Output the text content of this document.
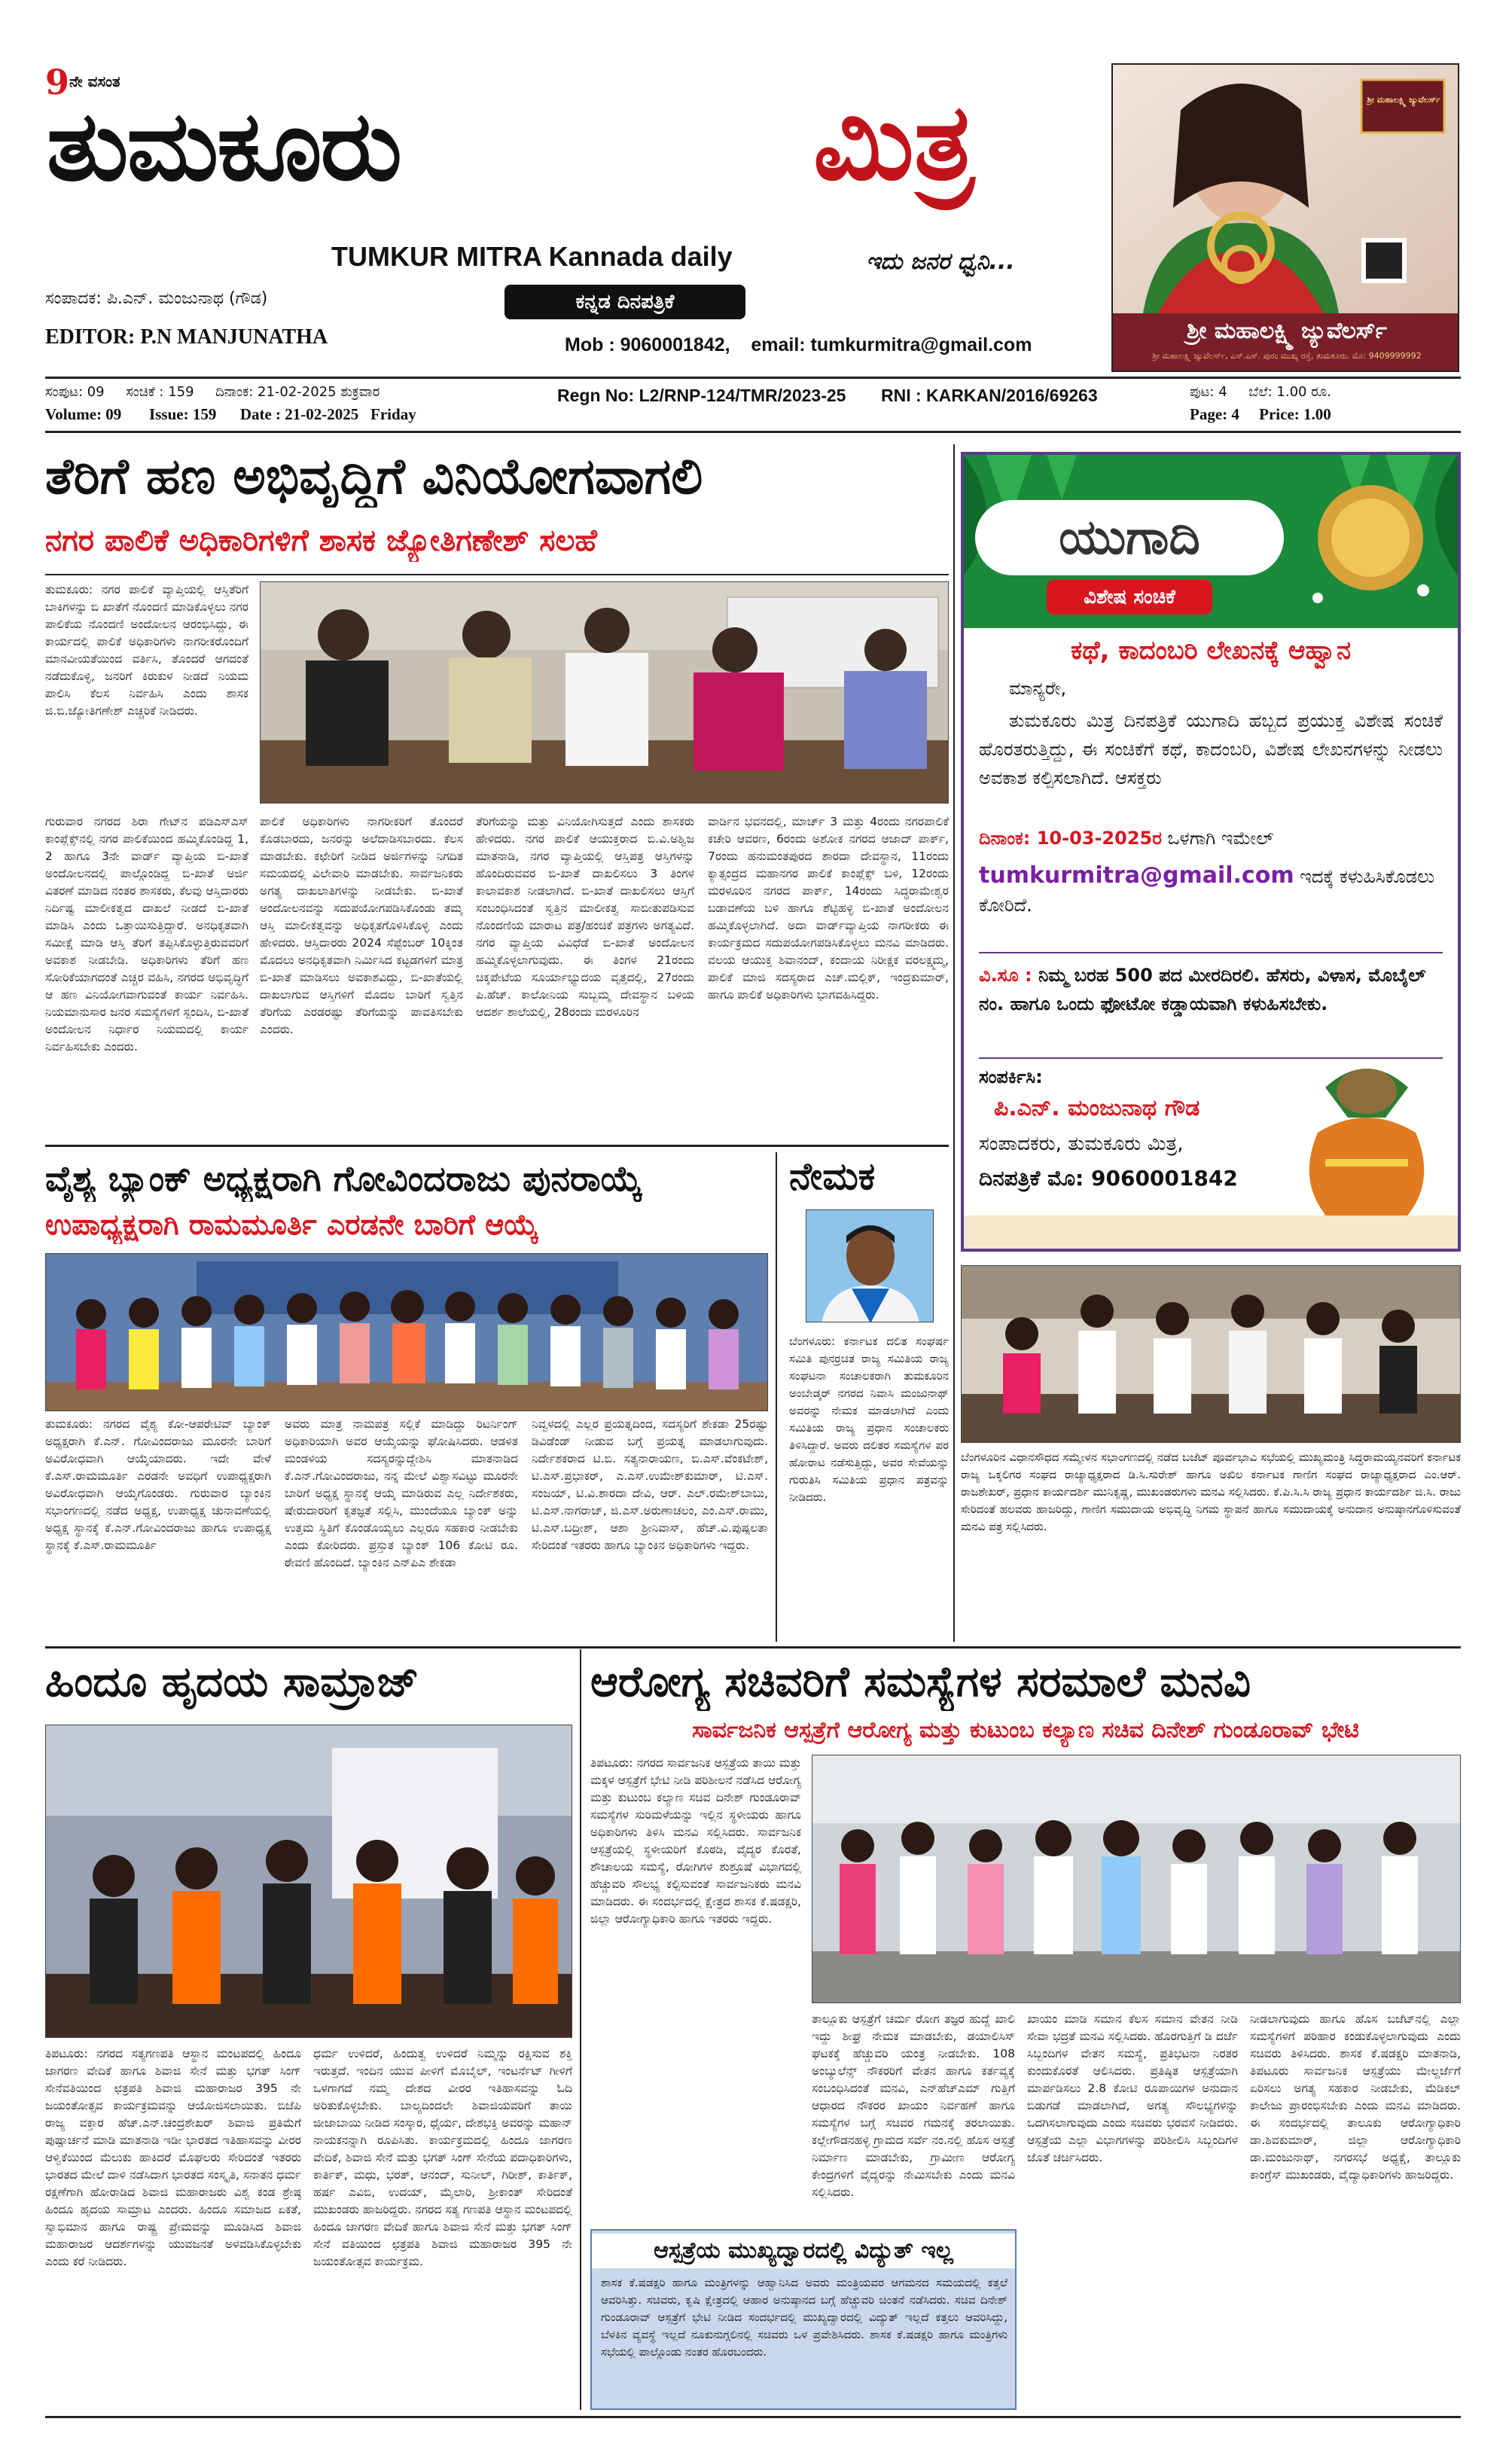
9 ನೇ ವಸಂತ
ತುಮಕೂರು	ಮಿತ್ರ
TUMKUR MITRA Kannada daily	ಇದು ಜನರ ಧ್ವನಿ...
ಸಂಪಾದಕ: ಪಿ.ಎನ್. ಮಂಜುನಾಥ (ಗೌಡ)
EDITOR: P.N MANJUNATHA
ಕನ್ನಡ ದಿನಪತ್ರಿಕೆ
Mob : 9060001842,    email: tumkurmitra@gmail.com
ಶ್ರೀ ಮಹಾಲಕ್ಷ್ಮಿ ಜ್ಯುವೆಲರ್ಸ್
ಶ್ರೀ ಮಹಾಲಕ್ಷ್ಮಿ ಜ್ಯುವೆಲರ್ಸ್
ಶ್ರೀ ಮಹಾಲಕ್ಷ್ಮಿ ಜ್ಯುವೆಲರ್ಸ್, ಎಸ್.ಎಸ್. ಪುರಂ ಮುಖ್ಯ ರಸ್ತೆ, ತುಮಕೂರು. ಮೊ: 9409999992
ಸಂಪುಟ: 09     ಸಂಚಿಕೆ : 159     ದಿನಾಂಕ: 21-02-2025 ಶುಕ್ರವಾರ
Volume: 09       Issue: 159      Date : 21-02-2025   Friday
Regn No: L2/RNP-124/TMR/2023-25 RNI : KARKAN/2016/69263	ಪುಟ: 4     ಬೆಲೆ: 1.00 ರೂ.
Page: 4     Price: 1.00
ತೆರಿಗೆ ಹಣ ಅಭಿವೃದ್ಧಿಗೆ ವಿನಿಯೋಗವಾಗಲಿ
ನಗರ ಪಾಲಿಕೆ ಅಧಿಕಾರಿಗಳಿಗೆ ಶಾಸಕ ಜ್ಯೋತಿಗಣೇಶ್ ಸಲಹೆ
ತುಮಕೂರು: ನಗರ ಪಾಲಿಕೆ ವ್ಯಾಪ್ತಿಯಲ್ಲಿ ಆಸ್ತಿತೆರಿಗೆ ಬಾಕಿಗಳನ್ನು ಬಿ ಖಾತೆಗೆ ನೊಂದಣಿ ಮಾಡಿಕೊಳ್ಳಲು ನಗರ ಪಾಲಿಕೆಯ ನೊಂದಣಿ ಅಂದೋಲನ ಆರಂಭಿಸಿದ್ದು, ಈ ಕಾರ್ಯದಲ್ಲಿ ಪಾಲಿಕೆ ಅಧಿಕಾರಿಗಳು ನಾಗರೀಕರೊಂದಿಗೆ ಮಾನವೀಯತೆಯಿಂದ ವರ್ತಿಸಿ, ತೊಂದರೆ ಆಗದಂತೆ ನಡೆದುಕೊಳ್ಳಿ, ಜನರಿಗೆ ಕಿರುಕುಳ ನೀಡದೆ ನಿಯಮ ಪಾಲಿಸಿ ಕೆಲಸ ನಿರ್ವಹಿಸಿ ಎಂದು ಶಾಸಕ ಜಿ.ಬಿ.ಜ್ಯೋತಿಗಣೇಶ್ ಎಚ್ಚರಿಕೆ ನೀಡಿದರು.
ಗುರುವಾರ ನಗರದ ಶಿರಾ ಗೇಟ್‌ನ ಪಡಿಎಸ್‌ಎಸ್ ಕಾಂಪ್ಲೆಕ್ಸ್‌ನಲ್ಲಿ ನಗರ ಪಾಲಿಕೆಯಿಂದ ಹಮ್ಮಿಕೊಂಡಿದ್ದ 1, 2 ಹಾಗೂ 3ನೇ ವಾರ್ಡ್ ವ್ಯಾಪ್ತಿಯ ಬಿ-ಖಾತೆ ಅಂದೋಲನದಲ್ಲಿ ಪಾಲ್ಗೊಂಡಿದ್ದ ಬಿ-ಖಾತೆ ಅರ್ಜಿ ವಿತರಣೆ ಮಾಡಿದ ನಂತರ ಶಾಸಕರು, ಕೆಲವು ಆಸ್ತಿದಾರರು ನಿರ್ದಿಷ್ಟ ಮಾಲೀಕತ್ವದ ದಾಖಲೆ ನೀಡದೆ ಬಿ-ಖಾತೆ ಮಾಡಿಸಿ ಎಂದು ಒತ್ತಾಯಿಸುತ್ತಿದ್ದಾರೆ. ಅನಧಿಕೃತವಾಗಿ ಸಮೀಕ್ಷೆ ಮಾಡಿ ಆಸ್ತಿ ತೆರಿಗೆ ತಪ್ಪಿಸಿಕೊಳ್ಳುತ್ತಿರುವವರಿಗೆ ಅವಕಾಶ ನೀಡಬೇಡಿ. ಅಧಿಕಾರಿಗಳು ತೆರಿಗೆ ಹಣ ಸೋರಿಕೆಯಾಗದಂತೆ ಎಚ್ಚರ ವಹಿಸಿ, ನಗರದ ಅಭಿವೃದ್ಧಿಗೆ ಆ ಹಣ ವಿನಿಯೋಗವಾಗುವಂತೆ ಕಾರ್ಯ ನಿರ್ವಹಿಸಿ. ನಿಯಮಾನುಸಾರ ಜನರ ಸಮಸ್ಯೆಗಳಿಗೆ ಸ್ಪಂದಿಸಿ, ಬಿ-ಖಾತೆ ಅಂದೋಲನ ನಿರ್ಧಾರ ನಿಯಮದಲ್ಲಿ ಕಾರ್ಯ ನಿರ್ವಹಿಸಬೇಕು ಎಂದರು.
ಪಾಲಿಕೆ ಅಧಿಕಾರಿಗಳು ನಾಗರೀಕರಿಗೆ ತೊಂದರೆ ಕೊಡಬಾರದು, ಜನರನ್ನು ಅಲೆದಾಡಿಸಬಾರದು. ಕೆಲಸ ಮಾಡಬೇಕು. ಕಛೇರಿಗೆ ನೀಡಿದ ಅರ್ಜಿಗಳನ್ನು ನಿಗದಿತ ಸಮಯದಲ್ಲಿ ವಿಲೇವಾರಿ ಮಾಡಬೇಕು. ಸಾರ್ವಜನಿಕರು ಅಗತ್ಯ ದಾಖಲಾತಿಗಳನ್ನು ನೀಡಬೇಕು. ಬಿ-ಖಾತೆ ಅಂದೋಲನವನ್ನು ಸದುಪಯೋಗಪಡಿಸಿಕೊಂಡು ತಮ್ಮ ಆಸ್ತಿ ಮಾಲೀಕತ್ವವನ್ನು ಅಧಿಕೃತಗೊಳಿಸಿಕೊಳ್ಳಿ ಎಂದು ಹೇಳಿದರು. ಆಸ್ತಿದಾರರು 2024 ಸೆಪ್ಟೆಂಬರ್ 10ಕ್ಕಿಂತ ಮೊದಲು ಅನಧಿಕೃತವಾಗಿ ನಿರ್ಮಿಸಿದ ಕಟ್ಟಡಗಳಿಗೆ ಮಾತ್ರ ಬಿ-ಖಾತೆ ಮಾಡಿಸಲು ಅವಕಾಶವಿದ್ದು, ಬಿ-ಖಾತೆಯಲ್ಲಿ ದಾಖಲಾಗುವ ಆಸ್ತಿಗಳಿಗೆ ಮೊದಲ ಬಾರಿಗೆ ಸ್ವತ್ತಿನ ತೆರಿಗೆಯ ಎರಡರಷ್ಟು ತೆರಿಗೆಯನ್ನು ಪಾವತಿಸಬೇಕು ಎಂದರು.
ತೆರಿಗೆಯನ್ನು ಮತ್ತು ವಿನಿಯೋಗಿಸುತ್ತದೆ ಎಂದು ಶಾಸಕರು ಹೇಳಿದರು. ನಗರ ಪಾಲಿಕೆ ಆಯುಕ್ತರಾದ ಬಿ.ವಿ.ಅಶ್ವಿಜ ಮಾತನಾಡಿ, ನಗರ ವ್ಯಾಪ್ತಿಯಲ್ಲಿ ಆಸ್ತಿಪತ್ರ ಆಸ್ತಿಗಳನ್ನು ಹೊಂದಿರುವವರ ಬಿ-ಖಾತೆ ದಾಖಲಿಸಲು 3 ತಿಂಗಳ ಕಾಲಾವಕಾಶ ನೀಡಲಾಗಿದೆ. ಬಿ-ಖಾತೆ ದಾಖಲಿಸಲು ಆಸ್ತಿಗೆ ಸಂಬಂಧಿಸಿದಂತೆ ಸ್ವತ್ತಿನ ಮಾಲೀಕತ್ವ ಸಾಬೀತುಪಡಿಸುವ ನೊಂದಣಿಯ ಮಾರಾಟ ಪತ್ರ/ಹಂಚಿಕೆ ಪತ್ರಗಳು ಅಗತ್ಯವಿದೆ. ನಗರ ವ್ಯಾಪ್ತಿಯ ವಿವಿಧೆಡೆ ಬಿ-ಖಾತೆ ಅಂದೋಲನ ಹಮ್ಮಿಕೊಳ್ಳಲಾಗುವುದು. ಈ ತಿಂಗಳ 21ರಂದು ಚಿಕ್ಕಪೇಟೆಯ ಸೂರ್ಯಾಭ್ಯುದಯ ವೃತ್ತದಲ್ಲಿ, 27ರಂದು ಪಿ.ಹೆಚ್. ಕಾಲೋನಿಯ ಸುಬ್ಬಮ್ಮ ದೇವಸ್ಥಾನ ಬಳಿಯ ಆದರ್ಶ ಶಾಲೆಯಲ್ಲಿ, 28ರಂದು ಮರಳೂರಿನ
ವಾರ್ಡಿನ ಭವನದಲ್ಲಿ, ಮಾರ್ಚ್ 3 ಮತ್ತು 4ರಂದು ನಗರಪಾಲಿಕೆ ಕಚೇರಿ ಆವರಣ, 6ರಂದು ಅಶೋಕ ನಗರದ ಆಜಾದ್ ಪಾರ್ಕ್, 7ರಂದು ಹನುಮಂತಪುರದ ಶಾರದಾ ದೇವಸ್ಥಾನ, 11ರಂದು ಕ್ಯಾತ್ಸಂದ್ರದ ಮಹಾನಗರ ಪಾಲಿಕೆ ಕಾಂಪ್ಲೆಕ್ಸ್ ಬಳಿ, 12ರಂದು ಮರಳೂರಿನ ನಗರದ ಪಾರ್ಕ್, 14ರಂದು ಸಿದ್ಧರಾಮೇಶ್ವರ ಬಡಾವಣೆಯ ಬಳಿ ಹಾಗೂ ಶೆಟ್ಟಿಹಳ್ಳಿ ಬಿ-ಖಾತೆ ಅಂದೋಲನ ಹಮ್ಮಿಕೊಳ್ಳಲಾಗಿದೆ. ಅದಾ ವಾರ್ಡ್‌ವ್ಯಾಪ್ತಿಯ ನಾಗರೀಕರು ಈ ಕಾರ್ಯಕ್ರಮದ ಸದುಪಯೋಗಪಡಿಸಿಕೊಳ್ಳಲು ಮನವಿ ಮಾಡಿದರು. ವಲಯ ಆಯುಕ್ತ ಶಿವಾನಂದ್, ಕಂದಾಯ ನಿರೀಕ್ಷಕ ವರಲಕ್ಷ್ಮಮ್ಮ, ಪಾಲಿಕೆ ಮಾಜಿ ಸದಸ್ಯರಾದ ಎಚ್.ಮಲ್ಲಿಕ್, ಇಂದ್ರಕುಮಾರ್, ಹಾಗೂ ಪಾಲಿಕೆ ಅಧಿಕಾರಿಗಳು ಭಾಗವಹಿಸಿದ್ದರು.
ಯುಗಾದಿ
ವಿಶೇಷ ಸಂಚಿಕೆ
ಕಥೆ, ಕಾದಂಬರಿ ಲೇಖನಕ್ಕೆ ಆಹ್ವಾನ
ಮಾನ್ಯರೇ,
ತುಮಕೂರು ಮಿತ್ರ ದಿನಪತ್ರಿಕೆ ಯುಗಾದಿ ಹಬ್ಬದ ಪ್ರಯುಕ್ತ ವಿಶೇಷ ಸಂಚಿಕೆ ಹೊರತರುತ್ತಿದ್ದು, ಈ ಸಂಚಿಕೆಗೆ ಕಥೆ, ಕಾದಂಬರಿ, ವಿಶೇಷ ಲೇಖನಗಳನ್ನು ನೀಡಲು ಅವಕಾಶ ಕಲ್ಪಿಸಲಾಗಿದೆ. ಆಸಕ್ತರು
ದಿನಾಂಕ: 10-03-2025ರ ಒಳಗಾಗಿ ಇಮೇಲ್
tumkurmitra@gmail.com ಇದಕ್ಕೆ ಕಳುಹಿಸಿಕೊಡಲು ಕೋರಿದೆ.
ವಿ.ಸೂ : ನಿಮ್ಮ ಬರಹ 500 ಪದ ಮೀರದಿರಲಿ. ಹೆಸರು, ವಿಳಾಸ, ಮೊಬೈಲ್ ನಂ. ಹಾಗೂ ಒಂದು ಫೋಟೋ ಕಡ್ಡಾಯವಾಗಿ ಕಳುಹಿಸಬೇಕು.
ಸಂಪರ್ಕಿಸಿ:
ಪಿ.ಎನ್. ಮಂಜುನಾಥ ಗೌಡ
ಸಂಪಾದಕರು, ತುಮಕೂರು ಮಿತ್ರ,
ದಿನಪತ್ರಿಕೆ ಮೊ: 9060001842
ವೈಶ್ಯ ಬ್ಯಾಂಕ್ ಅಧ್ಯಕ್ಷರಾಗಿ ಗೋವಿಂದರಾಜು ಪುನರಾಯ್ಕೆ
ಉಪಾಧ್ಯಕ್ಷರಾಗಿ ರಾಮಮೂರ್ತಿ ಎರಡನೇ ಬಾರಿಗೆ ಆಯ್ಕೆ
ತುಮಕೂರು: ನಗರದ ವೈಶ್ಯ ಕೋ-ಆಪರೇಟಿವ್ ಬ್ಯಾಂಕ್ ಅಧ್ಯಕ್ಷರಾಗಿ ಕೆ.ಎನ್. ಗೋವಿಂದರಾಜು ಮೂರನೇ ಬಾರಿಗೆ ಅವಿರೋಧವಾಗಿ ಆಯ್ಕೆಯಾದರು. ಇದೇ ವೇಳೆ ಕೆ.ಎಸ್.ರಾಮಮೂರ್ತಿ ಎರಡನೇ ಅವಧಿಗೆ ಉಪಾಧ್ಯಕ್ಷರಾಗಿ ಅವಿರೋಧವಾಗಿ ಆಯ್ಕೆಗೊಂಡರು. ಗುರುವಾರ ಬ್ಯಾಂಕಿನ ಸಭಾಂಗಣದಲ್ಲಿ ನಡೆದ ಅಧ್ಯಕ್ಷ, ಉಪಾಧ್ಯಕ್ಷ ಚುನಾವಣೆಯಲ್ಲಿ ಅಧ್ಯಕ್ಷ ಸ್ಥಾನಕ್ಕೆ ಕೆ.ಎನ್.ಗೋವಿಂದರಾಜು ಹಾಗೂ ಉಪಾಧ್ಯಕ್ಷ ಸ್ಥಾನಕ್ಕೆ ಕೆ.ಎಸ್.ರಾಮಮೂರ್ತಿ
ಅವರು ಮಾತ್ರ ನಾಮಪತ್ರ ಸಲ್ಲಿಕೆ ಮಾಡಿದ್ದು ರಿಟರ್ನಿಂಗ್ ಅಧಿಕಾರಿಯಾಗಿ ಅವರ ಆಯ್ಕೆಯನ್ನು ಘೋಷಿಸಿದರು. ಆಡಳಿತ ಮಂಡಳಿಯ ಸದಸ್ಯರನ್ನುದ್ದೇಶಿಸಿ ಮಾತನಾಡಿದ ಕೆ.ಎನ್.ಗೋವಿಂದರಾಜು, ನನ್ನ ಮೇಲೆ ವಿಶ್ವಾಸವಿಟ್ಟು ಮೂರನೇ ಬಾರಿಗೆ ಅಧ್ಯಕ್ಷ ಸ್ಥಾನಕ್ಕೆ ಆಯ್ಕೆ ಮಾಡಿರುವ ಎಲ್ಲ ನಿರ್ದೇಶಕರು, ಷೇರುದಾರರಿಗೆ ಕೃತಜ್ಞತೆ ಸಲ್ಲಿಸಿ, ಮುಂದೆಯೂ ಬ್ಯಾಂಕ್ ಅನ್ನು ಉತ್ತಮ ಸ್ಥಿತಿಗೆ ಕೊಂಡೊಯ್ಯಲು ಎಲ್ಲರೂ ಸಹಕಾರ ನೀಡಬೇಕು ಎಂದು ಕೋರಿದರು. ಪ್ರಸ್ತುತ ಬ್ಯಾಂಕ್ 106 ಕೋಟಿ ರೂ. ಠೇವಣಿ ಹೊಂದಿದೆ. ಬ್ಯಾಂಕಿನ ಎನ್‌ಪಿಎ ಶೇಕಡಾ
ನಿವ್ವಳದಲ್ಲಿ ಎಲ್ಲರ ಪ್ರಯತ್ನದಿಂದ, ಸದಸ್ಯರಿಗೆ ಶೇಕಡಾ 25ರಷ್ಟು ಡಿವಿಡೆಂಡ್ ನೀಡುವ ಬಗ್ಗೆ ಪ್ರಯತ್ನ ಮಾಡಲಾಗುವುದು. ನಿರ್ದೇಶಕರಾದ ಟಿ.ಬಿ. ಸತ್ಯನಾರಾಯಣ, ಬಿ.ಎಸ್.ವೆಂಕಟೇಶ್, ಟಿ.ಎಸ್.ಪ್ರಭಾಕರ್, ಎ.ಎಸ್.ಉಮೇಶ್‌ಕುಮಾರ್, ಟಿ.ಎಸ್. ಸಂಜಯ್, ಟಿ.ವಿ.ಶಾರದಾ ದೇವಿ, ಆರ್. ಎಲ್.ರಮೇಶ್‌ಬಾಬು, ಟಿ.ಎಸ್.ನಾಗರಾಜ್, ಜಿ.ಎಸ್.ಅರುಣಾಚಲಂ, ಎಂ.ಎಸ್.ರಾಮು, ಟಿ.ಎಸ್.ಬದ್ರೀಶ್, ಆಶಾ ಶ್ರೀನಿವಾಸ್, ಹೆಚ್.ವಿ.ಪುಷ್ಪಲತಾ ಸೇರಿದಂತೆ ಇತರರು ಹಾಗೂ ಬ್ಯಾಂಕಿನ ಅಧಿಕಾರಿಗಳು ಇದ್ದರು.
ನೇಮಕ
ಬೆಂಗಳೂರು: ಕರ್ನಾಟಕ ದಲಿತ ಸಂಘರ್ಷ ಸಮಿತಿ ಪುನರ್ರಚಿತ ರಾಜ್ಯ ಸಮಿತಿಯ ರಾಜ್ಯ ಸಂಘಟನಾ ಸಂಚಾಲಕರಾಗಿ ತುಮಕೂರಿನ ಅಂಬೇಡ್ಕರ್ ನಗರದ ನಿವಾಸಿ ಮಂಜುನಾಥ್ ಅವರನ್ನು ನೇಮಕ ಮಾಡಲಾಗಿದೆ ಎಂದು ಸಮಿತಿಯ ರಾಜ್ಯ ಪ್ರಧಾನ ಸಂಚಾಲಕರು ತಿಳಿಸಿದ್ದಾರೆ. ಅವರು ದಲಿತರ ಸಮಸ್ಯೆಗಳ ಪರ ಹೋರಾಟ ನಡೆಸುತ್ತಿದ್ದು, ಅವರ ಸೇವೆಯನ್ನು ಗುರುತಿಸಿ ಸಮಿತಿಯ ಪ್ರಧಾನ ಪತ್ರವನ್ನು ನೀಡಿದರು.
ಬೆಂಗಳೂರಿನ ವಿಧಾನಸೌಧದ ಸಮ್ಮೇಳನ ಸಭಾಂಗಣದಲ್ಲಿ ನಡೆದ ಬಜೆಟ್ ಪೂರ್ವಭಾವಿ ಸಭೆಯಲ್ಲಿ ಮುಖ್ಯಮಂತ್ರಿ ಸಿದ್ಧರಾಮಯ್ಯನವರಿಗೆ ಕರ್ನಾಟಕ ರಾಜ್ಯ ಒಕ್ಕಲಿಗರ ಸಂಘದ ರಾಜ್ಯಾಧ್ಯಕ್ಷರಾದ ಡಿ.ಸಿ.ಸುರೇಶ್ ಹಾಗೂ ಅಖಿಲ ಕರ್ನಾಟಕ ಗಾಣಿಗ ಸಂಘದ ರಾಜ್ಯಾಧ್ಯಕ್ಷರಾದ ಎಂ.ಆರ್. ರಾಜಶೇಖರ್, ಪ್ರಧಾನ ಕಾರ್ಯದರ್ಶಿ ಮುನಿಕೃಷ್ಣ, ಮುಖಂಡರುಗಳು ಮನವಿ ಸಲ್ಲಿಸಿದರು. ಕೆ.ಪಿ.ಸಿ.ಸಿ ರಾಜ್ಯ ಪ್ರಧಾನ ಕಾರ್ಯದರ್ಶಿ ಜಿ.ಸಿ. ರಾಜು ಸೇರಿದಂತೆ ಹಲವರು ಹಾಜರಿದ್ದು, ಗಾಣಿಗ ಸಮುದಾಯ ಅಭಿವೃದ್ಧಿ ನಿಗಮ ಸ್ಥಾಪನೆ ಹಾಗೂ ಸಮುದಾಯಕ್ಕೆ ಅನುದಾನ ಅನುಷ್ಠಾನಗೊಳಿಸುವಂತೆ ಮನವಿ ಪತ್ರ ಸಲ್ಲಿಸಿದರು.
ಹಿಂದೂ ಹೃದಯ ಸಾಮ್ರಾಜ್
ತಿಪಟೂರು: ನಗರದ ಸತ್ಯಗಣಪತಿ ಆಸ್ಥಾನ ಮಂಟಪದಲ್ಲಿ ಹಿಂದೂ ಜಾಗರಣ ವೇದಿಕೆ ಹಾಗೂ ಶಿವಾಜಿ ಸೇನೆ ಮತ್ತು ಭಗತ್ ಸಿಂಗ್ ಸೇನೆವತಿಯಿಂದ ಛತ್ರಪತಿ ಶಿವಾಜಿ ಮಹಾರಾಜರ 395 ನೇ ಜಯಂತೋತ್ಸವ ಕಾರ್ಯಕ್ರಮವನ್ನು ಆಯೋಜಿಸಲಾಯಿತು. ಬಿಜೆಪಿ ರಾಜ್ಯ ವಕ್ತಾರ ಹೆಚ್.ಎನ್.ಚಂದ್ರಶೇಖರ್ ಶಿವಾಜಿ ಪ್ರತಿಮೆಗೆ ಪುಷ್ಪಾರ್ಚನೆ ಮಾಡಿ ಮಾತನಾಡಿ ಇಡೀ ಭಾರತದ ಇತಿಹಾಸವನ್ನು ವೀರರ ಆಳ್ವಿಕೆಯಿಂದ ಮೆಲುಕು ಹಾಕಿದರೆ ಮೊಘಲರು ಸೇರಿದಂತೆ ಇತರರು ಭಾರತದ ಮೇಲೆ ದಾಳಿ ನಡೆಸಿದಾಗ ಭಾರತದ ಸಂಸ್ಕೃತಿ, ಸನಾತನ ಧರ್ಮ ರಕ್ಷಣೆಗಾಗಿ ಹೋರಾಡಿದ ಶಿವಾಜಿ ಮಹಾರಾಜರು ವಿಶ್ವ ಕಂಡ ಶ್ರೇಷ್ಠ ಹಿಂದೂ ಹೃದಯ ಸಾಮ್ರಾಟ ಎಂದರು. ಹಿಂದೂ ಸಮಾಜದ ಏಕತೆ, ಸ್ವಾಭಿಮಾನ ಹಾಗೂ ರಾಷ್ಟ್ರ ಪ್ರೇಮವನ್ನು ಮೂಡಿಸಿದ ಶಿವಾಜಿ ಮಹಾರಾಜರ ಆದರ್ಶಗಳನ್ನು ಯುವಜನತೆ ಅಳವಡಿಸಿಕೊಳ್ಳಬೇಕು ಎಂದು ಕರೆ ನೀಡಿದರು.
ಧರ್ಮ ಉಳಿದರೆ, ಹಿಂದುತ್ವ ಉಳಿದರೆ ನಿಮ್ಮನ್ನು ರಕ್ಷಿಸುವ ಶಕ್ತಿ ಇರುತ್ತದೆ. ಇಂದಿನ ಯುವ ಪೀಳಿಗೆ ಮೊಬೈಲ್, ಇಂಟರ್ನೆಟ್ ಗೀಳಿಗೆ ಒಳಗಾಗದೆ ನಮ್ಮ ದೇಶದ ವೀರರ ಇತಿಹಾಸವನ್ನು ಓದಿ ಅರಿತುಕೊಳ್ಳಬೇಕು. ಬಾಲ್ಯದಿಂದಲೇ ಶಿವಾಜಿಯವರಿಗೆ ತಾಯಿ ಜೀಜಾಬಾಯಿ ನೀಡಿದ ಸಂಸ್ಕಾರ, ಧೈರ್ಯ, ದೇಶಭಕ್ತಿ ಅವರನ್ನು ಮಹಾನ್ ನಾಯಕನನ್ನಾಗಿ ರೂಪಿಸಿತು. ಕಾರ್ಯಕ್ರಮದಲ್ಲಿ ಹಿಂದೂ ಜಾಗರಣ ವೇದಿಕೆ, ಶಿವಾಜಿ ಸೇನೆ ಮತ್ತು ಭಗತ್ ಸಿಂಗ್ ಸೇನೆಯ ಪದಾಧಿಕಾರಿಗಳು, ಕಾರ್ತಿಕ್, ಮಧು, ಭರತ್, ಆನಂದ್, ಸುನೀಲ್, ಗಿರೀಶ್, ಕಾರ್ತಿಕ್, ಹರ್ಷ ಎವಿಬಿ, ಉದಯ್, ಮೈಲಾರಿ, ಶ್ರೀಕಾಂತ್ ಸೇರಿದಂತೆ ಮುಖಂಡರು ಹಾಜರಿದ್ದರು. ನಗರದ ಸತ್ಯ ಗಣಪತಿ ಆಸ್ಥಾನ ಮಂಟಪದಲ್ಲಿ ಹಿಂದೂ ಜಾಗರಣ ವೇದಿಕೆ ಹಾಗೂ ಶಿವಾಜಿ ಸೇನೆ ಮತ್ತು ಭಗತ್ ಸಿಂಗ್ ಸೇನೆ ವತಿಯಿಂದ ಛತ್ರಪತಿ ಶಿವಾಜಿ ಮಹಾರಾಜರ 395 ನೇ ಜಯಂತೋತ್ಸವ ಕಾರ್ಯಕ್ರಮ.
ಆರೋಗ್ಯ ಸಚಿವರಿಗೆ ಸಮಸ್ಯೆಗಳ ಸರಮಾಲೆ ಮನವಿ
ಸಾರ್ವಜನಿಕ ಆಸ್ಪತ್ರೆಗೆ ಆರೋಗ್ಯ ಮತ್ತು ಕುಟುಂಬ ಕಲ್ಯಾಣ ಸಚಿವ ದಿನೇಶ್ ಗುಂಡೂರಾವ್ ಭೇಟಿ
ತಿಪಟೂರು: ನಗರದ ಸಾರ್ವಜನಿಕ ಆಸ್ಪತ್ರೆಯ ತಾಯಿ ಮತ್ತು ಮಕ್ಕಳ ಆಸ್ಪತ್ರೆಗೆ ಭೇಟಿ ನೀಡಿ ಪರಿಶೀಲನೆ ನಡೆಸಿದ ಆರೋಗ್ಯ ಮತ್ತು ಕುಟುಂಬ ಕಲ್ಯಾಣ ಸಚಿವ ದಿನೇಶ್ ಗುಂಡೂರಾವ್ ಸಮಸ್ಯೆಗಳ ಸುರಿಮಳೆಯನ್ನು ಇಲ್ಲಿನ ಸ್ಥಳೀಯರು ಹಾಗೂ ಅಧಿಕಾರಿಗಳು ತಿಳಿಸಿ ಮನವಿ ಸಲ್ಲಿಸಿದರು. ಸಾರ್ವಜನಿಕ ಆಸ್ಪತ್ರೆಯಲ್ಲಿ ಸ್ಥಳೀಯರಿಗೆ ಕೊಠಡಿ, ವೈದ್ಯರ ಕೊರತೆ, ಶೌಚಾಲಯ ಸಮಸ್ಯೆ, ರೋಗಿಗಳ ಶುಶ್ರೂಷೆ ವಿಭಾಗದಲ್ಲಿ ಹೆಚ್ಚುವರಿ ಸೌಲಭ್ಯ ಕಲ್ಪಿಸುವಂತೆ ಸಾರ್ವಜನಿಕರು ಮನವಿ ಮಾಡಿದರು. ಈ ಸಂದರ್ಭದಲ್ಲಿ ಕ್ಷೇತ್ರದ ಶಾಸಕ ಕೆ.ಷಡಕ್ಷರಿ, ಜಿಲ್ಲಾ ಆರೋಗ್ಯಾಧಿಕಾರಿ ಹಾಗೂ ಇತರರು ಇದ್ದರು.
ತಾಲ್ಲೂಕು ಆಸ್ಪತ್ರೆಗೆ ಚರ್ಮ ರೋಗ ತಜ್ಞರ ಹುದ್ದೆ ಖಾಲಿ ಇದ್ದು ಶೀಘ್ರ ನೇಮಕ ಮಾಡಬೇಕು, ಡಯಾಲಿಸಿಸ್ ಘಟಕಕ್ಕೆ ಹೆಚ್ಚುವರಿ ಯಂತ್ರ ನೀಡಬೇಕು. 108 ಅಂಬ್ಯುಲೆನ್ಸ್ ನೌಕರರಿಗೆ ವೇತನ ಹಾಗೂ ಕರ್ತವ್ಯಕ್ಕೆ ಸಂಬಂಧಿಸಿದಂತೆ ಮನವಿ, ಎನ್‌ಹೆಚ್‌ಎಮ್ ಗುತ್ತಿಗೆ ಆಧಾರದ ನೌಕರರ ಖಾಯಂ ನಿರ್ವಹಣೆ ಹಾಗೂ ಸಮಸ್ಯೆಗಳ ಬಗ್ಗೆ ಸಚಿವರ ಗಮನಕ್ಕೆ ತರಲಾಯಿತು. ಕಲ್ಲೇಗೌಡನಹಳ್ಳಿ ಗ್ರಾಮದ ಸರ್ವೆ ನಂ.ನಲ್ಲಿ ಹೊಸ ಆಸ್ಪತ್ರೆ ನಿರ್ಮಾಣ ಮಾಡಬೇಕು, ಗ್ರಾಮೀಣ ಆರೋಗ್ಯ ಕೇಂದ್ರಗಳಿಗೆ ವೈದ್ಯರನ್ನು ನೇಮಿಸಬೇಕು ಎಂದು ಮನವಿ ಸಲ್ಲಿಸಿದರು.
ಖಾಯಂ ಮಾಡಿ ಸಮಾನ ಕೆಲಸ ಸಮಾನ ವೇತನ ನೀಡಿ ಸೇವಾ ಭದ್ರತೆ ಮನವಿ ಸಲ್ಲಿಸಿದರು. ಹೊರಗುತ್ತಿಗೆ ಡಿ ದರ್ಜೆ ಸಿಬ್ಬಂದಿಗಳ ವೇತನ ಸಮಸ್ಯೆ, ಪ್ರತಿಭಟನಾ ನಿರತರ ಕುಂದುಕೊರತೆ ಆಲಿಸಿದರು. ಪ್ರತಿಷ್ಠಿತ ಆಸ್ಪತ್ರೆಯಾಗಿ ಮಾರ್ಪಡಿಸಲು 2.8 ಕೋಟಿ ರೂಪಾಯಿಗಳ ಅನುದಾನ ಬಿಡುಗಡೆ ಮಾಡಲಾಗಿದೆ, ಅಗತ್ಯ ಸೌಲಭ್ಯಗಳನ್ನು ಒದಗಿಸಲಾಗುವುದು ಎಂದು ಸಚಿವರು ಭರವಸೆ ನೀಡಿದರು. ಆಸ್ಪತ್ರೆಯ ಎಲ್ಲಾ ವಿಭಾಗಗಳನ್ನು ಪರಿಶೀಲಿಸಿ ಸಿಬ್ಬಂದಿಗಳ ಜೊತೆ ಚರ್ಚಿಸಿದರು.
ನೀಡಲಾಗುವುದು ಹಾಗೂ ಹೊಸ ಬಜೆಟ್‌ನಲ್ಲಿ ಎಲ್ಲಾ ಸಮಸ್ಯೆಗಳಿಗೆ ಪರಿಹಾರ ಕಂಡುಕೊಳ್ಳಲಾಗುವುದು ಎಂದು ಸಚಿವರು ತಿಳಿಸಿದರು. ಶಾಸಕ ಕೆ.ಷಡಕ್ಷರಿ ಮಾತನಾಡಿ, ತಿಪಟೂರು ಸಾರ್ವಜನಿಕ ಆಸ್ಪತ್ರೆಯು ಮೇಲ್ದರ್ಜೆಗೆ ಏರಿಸಲು ಅಗತ್ಯ ಸಹಕಾರ ನೀಡಬೇಕು, ಮೆಡಿಕಲ್ ಕಾಲೇಜು ಪ್ರಾರಂಭಿಸಬೇಕು ಎಂದು ಮನವಿ ಮಾಡಿದರು. ಈ ಸಂದರ್ಭದಲ್ಲಿ ತಾಲೂಕು ಆರೋಗ್ಯಾಧಿಕಾರಿ ಡಾ.ಶಿವಕುಮಾರ್, ಜಿಲ್ಲಾ ಆರೋಗ್ಯಾಧಿಕಾರಿ ಡಾ.ಮಂಜುನಾಥ್, ನಗರಸಭೆ ಅಧ್ಯಕ್ಷೆ, ತಾಲ್ಲೂಕು ಕಾಂಗ್ರೆಸ್ ಮುಖಂಡರು, ವೈದ್ಯಾಧಿಕಾರಿಗಳು ಹಾಜರಿದ್ದರು.
ಆಸ್ಪತ್ರೆಯ ಮುಖ್ಯದ್ವಾರದಲ್ಲಿ ವಿದ್ಯುತ್ ಇಲ್ಲ
ಶಾಸಕ ಕೆ.ಷಡಕ್ಷರಿ ಹಾಗೂ ಮಂತ್ರಿಗಳನ್ನು ಆಹ್ವಾನಿಸಿದ ಅವರು ಮಂತ್ರಿಯವರ ಆಗಮನದ ಸಮಯದಲ್ಲಿ ಕತ್ತಲೆ ಆವರಿಸಿತ್ತು. ಸಚಿವರು, ಕೃಷಿ ಕ್ಷೇತ್ರದಲ್ಲಿ ಆಹಾರ ಅನುಷ್ಠಾನದ ಬಗ್ಗೆ ಹೆಚ್ಚುವರಿ ಚಿಂತನೆ ನಡೆಸಿದರು. ಸಚಿವ ದಿನೇಶ್ ಗುಂಡೂರಾವ್ ಆಸ್ಪತ್ರೆಗೆ ಭೇಟಿ ನೀಡಿದ ಸಂದರ್ಭದಲ್ಲಿ ಮುಖ್ಯದ್ವಾರದಲ್ಲಿ ವಿದ್ಯುತ್ ಇಲ್ಲದೆ ಕತ್ತಲು ಆವರಿಸಿದ್ದು, ಬೆಳಕಿನ ವ್ಯವಸ್ಥೆ ಇಲ್ಲದೆ ನೂಕುನುಗ್ಗಲಿನಲ್ಲಿ ಸಚಿವರು ಒಳ ಪ್ರವೇಶಿಸಿದರು. ಶಾಸಕ ಕೆ.ಷಡಕ್ಷರಿ ಹಾಗೂ ಮಂತ್ರಿಗಳು ಸಭೆಯಲ್ಲಿ ಪಾಲ್ಗೊಂಡು ನಂತರ ಹೊರಬಂದರು.
